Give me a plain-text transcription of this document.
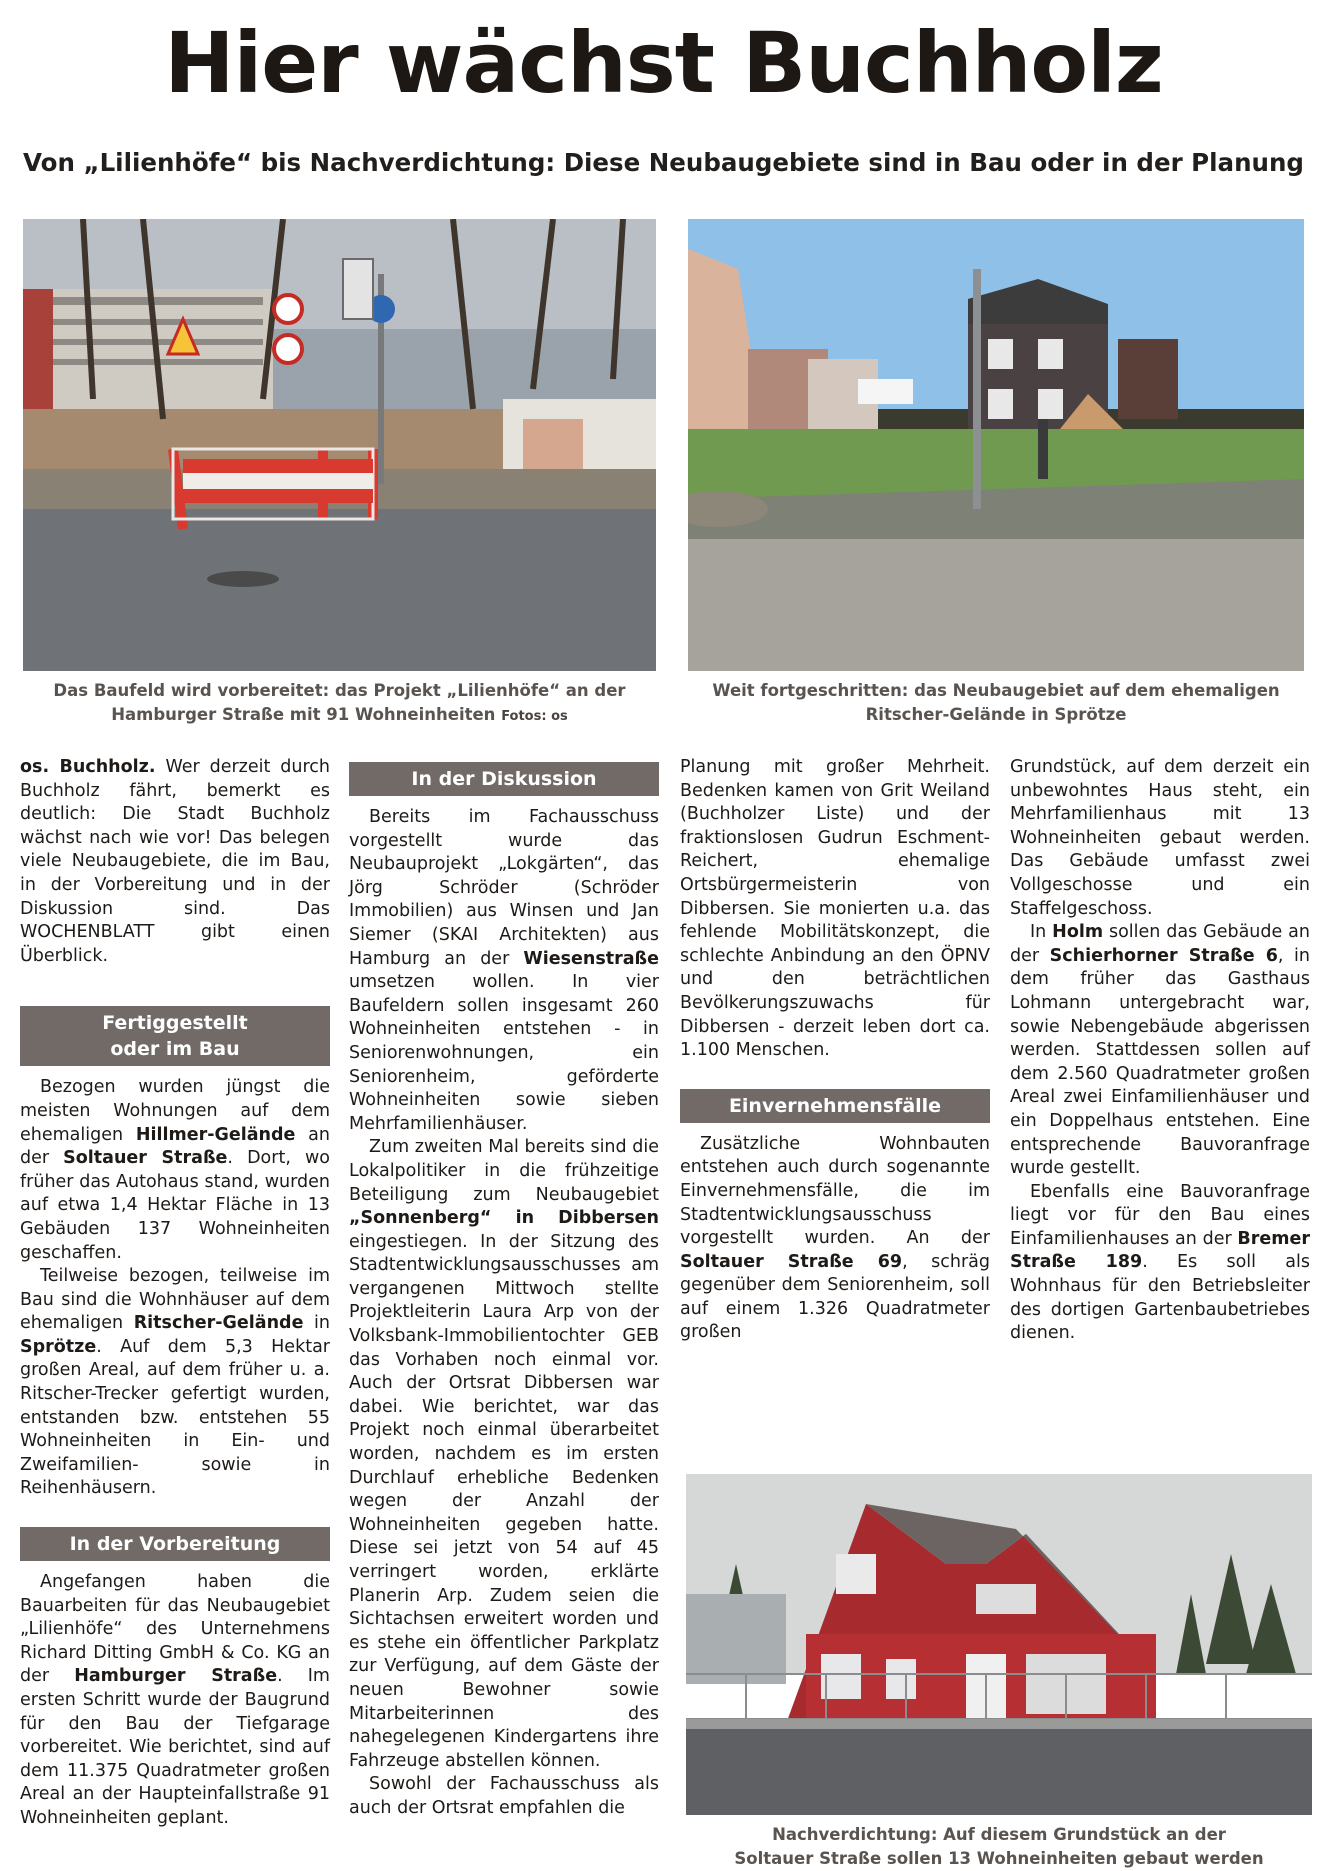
Hier wächst Buchholz
Von „Lilienhöfe“ bis Nachverdichtung: Diese Neubaugebiete sind in Bau oder in der Planung
Das Baufeld wird vorbereitet: das Projekt „Lilienhöfe“ an der
Hamburger Straße mit 91 Wohneinheiten Fotos: os
Weit fortgeschritten: das Neubaugebiet auf dem ehemaligen
Ritscher-Gelände in Sprötze

os. Buchholz. Wer derzeit durch Buchholz fährt, bemerkt es deutlich: Die Stadt Buchholz wächst nach wie vor! Das belegen viele Neubaugebiete, die im Bau, in der Vorbereitung und in der Diskussion sind. Das WOCHENBLATT gibt einen Überblick.

Fertiggestellt
oder im Bau

Bezogen wurden jüngst die meisten Wohnungen auf dem ehemaligen Hillmer-Gelände an der Soltauer Straße. Dort, wo früher das Autohaus stand, wurden auf etwa 1,4 Hektar Fläche in 13 Gebäuden 137 Wohneinheiten geschaffen.

Teilweise bezogen, teilweise im Bau sind die Wohnhäuser auf dem ehemaligen Ritscher-Gelände in Sprötze. Auf dem 5,3 Hektar großen Areal, auf dem früher u. a. Ritscher-Trecker gefertigt wurden, entstanden bzw. entstehen 55 Wohneinheiten in Ein- und Zweifamilien- sowie in Reihenhäusern.

In der Vorbereitung

Angefangen haben die Bauarbeiten für das Neubaugebiet „Lilienhöfe“ des Unternehmens Richard Ditting GmbH & Co. KG an der Hamburger Straße. Im ersten Schritt wurde der Baugrund für den Bau der Tiefgarage vorbereitet. Wie berichtet, sind auf dem 11.375 Quadratmeter großen Areal an der Haupteinfallstraße 91 Wohneinheiten geplant.

In der Diskussion

Bereits im Fachausschuss vorgestellt wurde das Neubauprojekt „Lokgärten“, das Jörg Schröder (Schröder Immobilien) aus Winsen und Jan Siemer (SKAI Architekten) aus Hamburg an der Wiesenstraße umsetzen wollen. In vier Baufeldern sollen insgesamt 260 Wohneinheiten entstehen - in Seniorenwohnungen, ein Seniorenheim, geförderte Wohneinheiten sowie sieben Mehrfamilienhäuser.

Zum zweiten Mal bereits sind die Lokalpolitiker in die frühzeitige Beteiligung zum Neubaugebiet „Sonnenberg“ in Dibbersen eingestiegen. In der Sitzung des Stadtentwicklungsausschusses am vergangenen Mittwoch stellte Projektleiterin Laura Arp von der Volksbank-Immobilientochter GEB das Vorhaben noch einmal vor. Auch der Ortsrat Dibbersen war dabei. Wie berichtet, war das Projekt noch einmal überarbeitet worden, nachdem es im ersten Durchlauf erhebliche Bedenken wegen der Anzahl der Wohneinheiten gegeben hatte. Diese sei jetzt von 54 auf 45 verringert worden, erklärte Planerin Arp. Zudem seien die Sichtachsen erweitert worden und es stehe ein öffentlicher Parkplatz zur Verfügung, auf dem Gäste der neuen Bewohner sowie Mitarbeiterinnen des nahegelegenen Kindergartens ihre Fahrzeuge abstellen können.

Sowohl der Fachausschuss als auch der Ortsrat empfahlen die

Planung mit großer Mehrheit. Bedenken kamen von Grit Weiland (Buchholzer Liste) und der fraktionslosen Gudrun Eschment-Reichert, ehemalige Ortsbürgermeisterin von Dibbersen. Sie monierten u.a. das fehlende Mobilitätskonzept, die schlechte Anbindung an den ÖPNV und den beträchtlichen Bevölkerungszuwachs für Dibbersen - derzeit leben dort ca. 1.100 Menschen.

Einvernehmensfälle

Zusätzliche Wohnbauten entstehen auch durch sogenannte Einvernehmensfälle, die im Stadtentwicklungsausschuss vorgestellt wurden. An der Soltauer Straße 69, schräg gegenüber dem Seniorenheim, soll auf einem 1.326 Quadratmeter großen

Grundstück, auf dem derzeit ein unbewohntes Haus steht, ein Mehrfamilienhaus mit 13 Wohneinheiten gebaut werden. Das Gebäude umfasst zwei Vollgeschosse und ein Staffelgeschoss.

In Holm sollen das Gebäude an der Schierhorner Straße 6, in dem früher das Gasthaus Lohmann untergebracht war, sowie Nebengebäude abgerissen werden. Stattdessen sollen auf dem 2.560 Quadratmeter großen Areal zwei Einfamilienhäuser und ein Doppelhaus entstehen. Eine entsprechende Bauvoranfrage wurde gestellt.

Ebenfalls eine Bauvoranfrage liegt vor für den Bau eines Einfamilienhauses an der Bremer Straße 189. Es soll als Wohnhaus für den Betriebsleiter des dortigen Gartenbaubetriebes dienen.

Nachverdichtung: Auf diesem Grundstück an der
Soltauer Straße sollen 13 Wohneinheiten gebaut werden
